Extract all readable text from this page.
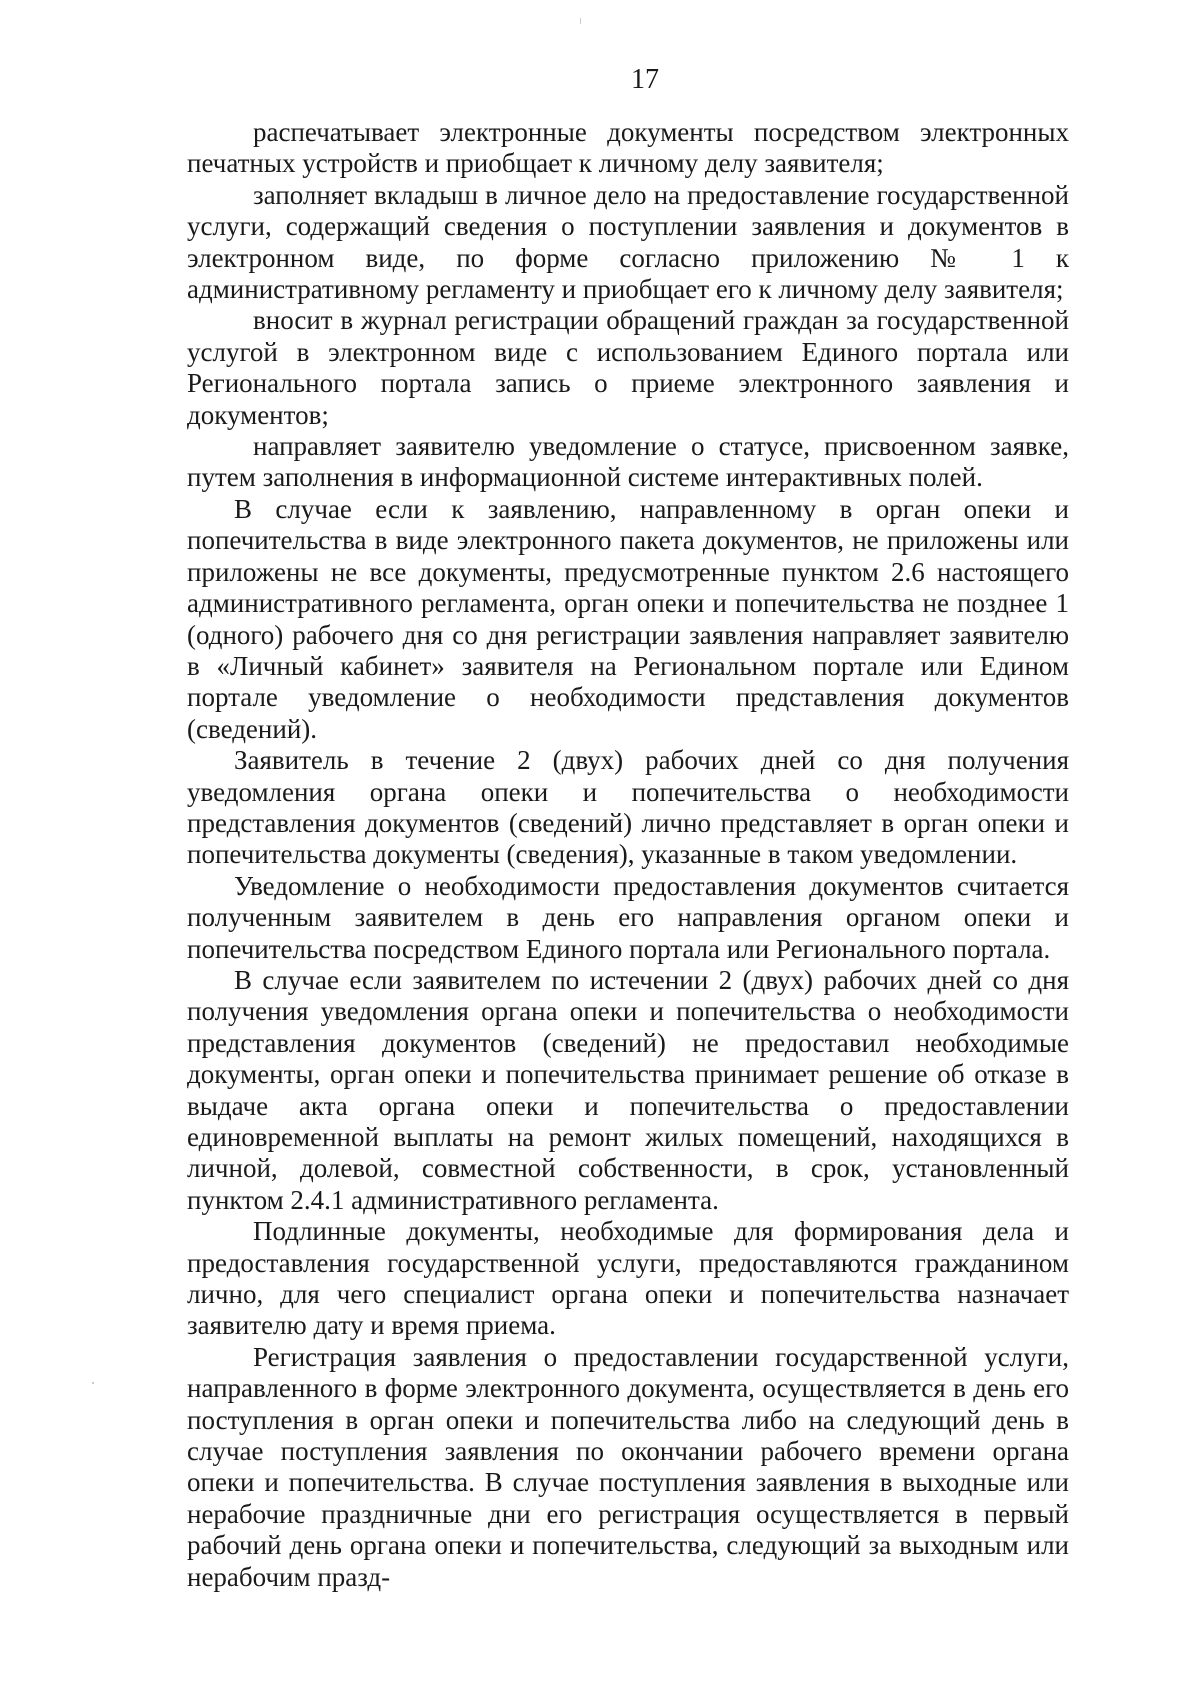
17

распечатывает электронные документы посредством электронных печатных устройств и приобщает к личному делу заявителя;

заполняет вкладыш в личное дело на предоставление государственной услуги, содержащий сведения о поступлении заявления и документов в электронном виде, по форме согласно приложению № 1 к административному регламенту и приобщает его к личному делу заявителя;

вносит в журнал регистрации обращений граждан за государственной услугой в электронном виде с использованием Единого портала или Регионального портала запись о приеме электронного заявления и документов;

направляет заявителю уведомление о статусе, присвоенном заявке, путем заполнения в информационной системе интерактивных полей.

В случае если к заявлению, направленному в орган опеки и попечительства в виде электронного пакета документов, не приложены или приложены не все документы, предусмотренные пунктом 2.6 настоящего административного регламента, орган опеки и попечительства не позднее 1 (одного) рабочего дня со дня регистрации заявления направляет заявителю в «Личный кабинет» заявителя на Региональном портале или Едином портале уведомление о необходимости представления документов (сведений).

Заявитель в течение 2 (двух) рабочих дней со дня получения уведомления органа опеки и попечительства о необходимости представления документов (сведений) лично представляет в орган опеки и попечительства документы (сведения), указанные в таком уведомлении.

Уведомление о необходимости предоставления документов считается полученным заявителем в день его направления органом опеки и попечительства посредством Единого портала или Регионального портала.

В случае если заявителем по истечении 2 (двух) рабочих дней со дня получения уведомления органа опеки и попечительства о необходимости представления документов (сведений) не предоставил необходимые документы, орган опеки и попечительства принимает решение об отказе в выдаче акта органа опеки и попечительства о предоставлении единовременной выплаты на ремонт жилых помещений, находящихся в личной, долевой, совместной собственности, в срок, установленный пунктом 2.4.1 административного регламента.

Подлинные документы, необходимые для формирования дела и предоставления государственной услуги, предоставляются гражданином лично, для чего специалист органа опеки и попечительства назначает заявителю дату и время приема.

Регистрация заявления о предоставлении государственной услуги, направленного в форме электронного документа, осуществляется в день его поступления в орган опеки и попечительства либо на следующий день в случае поступления заявления по окончании рабочего времени органа опеки и попечительства. В случае поступления заявления в выходные или нерабочие праздничные дни его регистрация осуществляется в первый рабочий день органа опеки и попечительства, следующий за выходным или нерабочим празд-
